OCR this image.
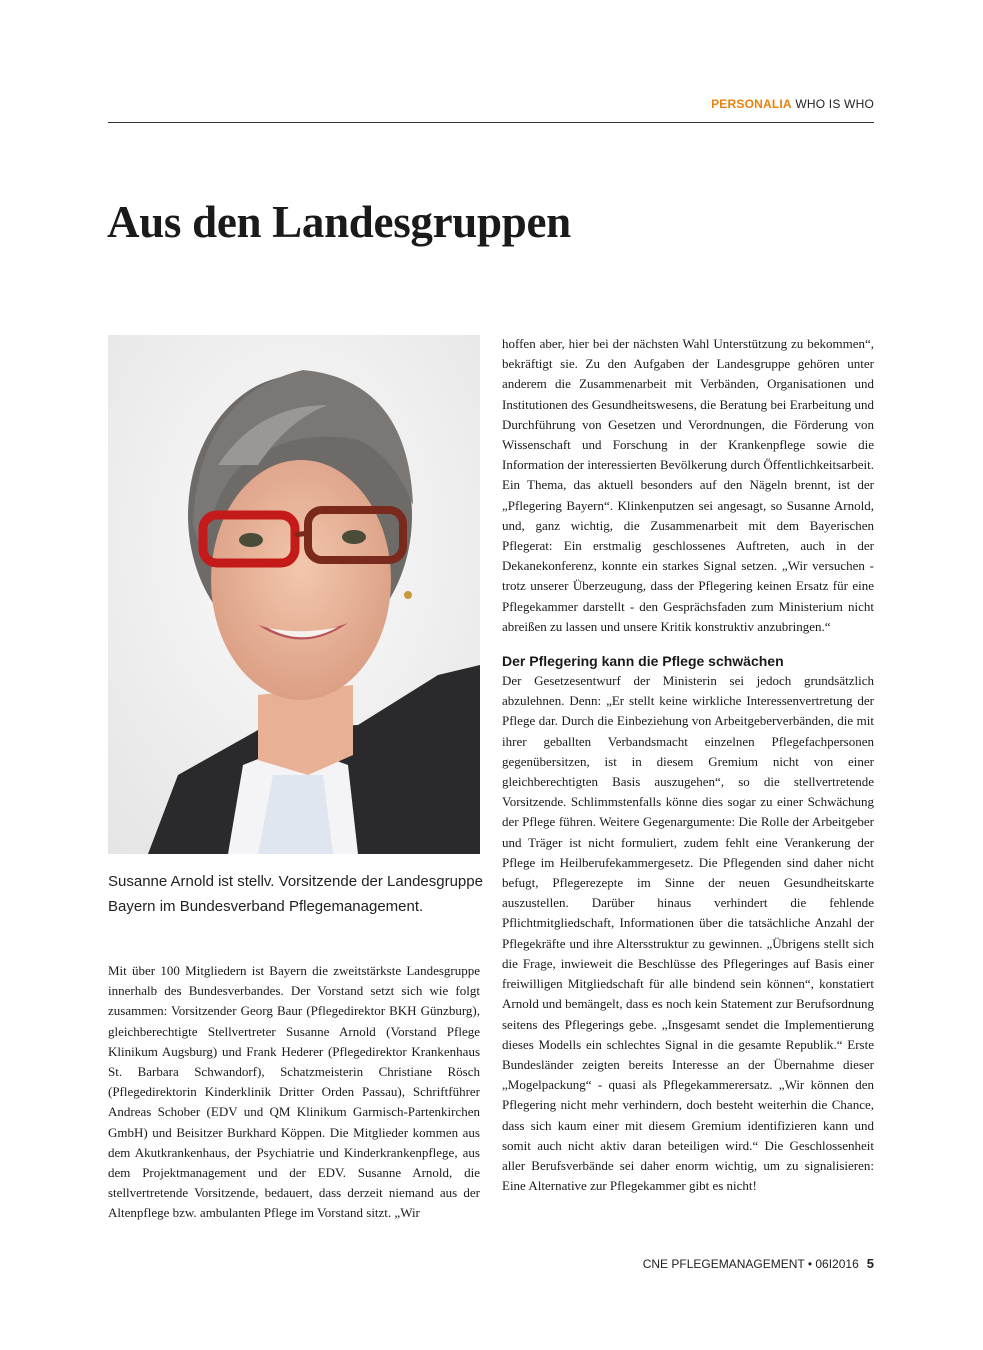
PERSONALIA WHO IS WHO
Aus den Landesgruppen
Susanne Arnold ist stellv. Vorsitzende der Landesgruppe Bayern im Bundesverband Pflegemanagement.

Mit über 100 Mitgliedern ist Bayern die zweitstärkste Landesgruppe innerhalb des Bundesverbandes. Der Vorstand setzt sich wie folgt zusammen: Vorsitzender Georg Baur (Pflegedirektor BKH Günzburg), gleichberechtigte Stellvertreter Susanne Arnold (Vorstand Pflege Klinikum Augsburg) und Frank Hederer (Pflegedirektor Krankenhaus St. Barbara Schwandorf), Schatzmeisterin Christiane Rösch (Pflegedirektorin Kinderklinik Dritter Orden Passau), Schriftführer Andreas Schober (EDV und QM Klinikum Garmisch-Partenkirchen GmbH) und Beisitzer Burkhard Köppen. Die Mitglieder kommen aus dem Akutkrankenhaus, der Psychiatrie und Kinderkrankenpflege, aus dem Projektmanagement und der EDV. Susanne Arnold, die stellvertretende Vorsitzende, bedauert, dass derzeit niemand aus der Altenpflege bzw. ambulanten Pflege im Vorstand sitzt. „Wir

hoffen aber, hier bei der nächsten Wahl Unterstützung zu bekommen“, bekräftigt sie. Zu den Aufgaben der Landesgruppe gehören unter anderem die Zusammenarbeit mit Verbänden, Organisationen und Institutionen des Gesundheitswesens, die Beratung bei Erarbeitung und Durchführung von Gesetzen und Verordnungen, die Förderung von Wissenschaft und Forschung in der Krankenpflege sowie die Information der interessierten Bevölkerung durch Öffentlichkeitsarbeit. Ein Thema, das aktuell besonders auf den Nägeln brennt, ist der „Pflegering Bayern“. Klinkenputzen sei angesagt, so Susanne Arnold, und, ganz wichtig, die Zusammenarbeit mit dem Bayerischen Pflegerat: Ein erstmalig geschlossenes Auftreten, auch in der Dekanekonferenz, konnte ein starkes Signal setzen. „Wir versuchen - trotz unserer Überzeugung, dass der Pflegering keinen Ersatz für eine Pflegekammer darstellt - den Gesprächsfaden zum Ministerium nicht abreißen zu lassen und unsere Kritik konstruktiv anzubringen.“

Der Pflegering kann die Pflege schwächen

Der Gesetzesentwurf der Ministerin sei jedoch grundsätzlich abzulehnen. Denn: „Er stellt keine wirkliche Interessenvertretung der Pflege dar. Durch die Einbeziehung von Arbeitgeberverbänden, die mit ihrer geballten Verbandsmacht einzelnen Pflegefachpersonen gegenübersitzen, ist in diesem Gremium nicht von einer gleichberechtigten Basis auszugehen“, so die stellvertretende Vorsitzende. Schlimmstenfalls könne dies sogar zu einer Schwächung der Pflege führen. Weitere Gegenargumente: Die Rolle der Arbeitgeber und Träger ist nicht formuliert, zudem fehlt eine Verankerung der Pflege im Heilberufekammergesetz. Die Pflegenden sind daher nicht befugt, Pflegerezepte im Sinne der neuen Gesundheitskarte auszustellen. Darüber hinaus verhindert die fehlende Pflichtmitgliedschaft, Informationen über die tatsächliche Anzahl der Pflegekräfte und ihre Altersstruktur zu gewinnen. „Übrigens stellt sich die Frage, inwieweit die Beschlüsse des Pflegeringes auf Basis einer freiwilligen Mitgliedschaft für alle bindend sein können“, konstatiert Arnold und bemängelt, dass es noch kein Statement zur Berufsordnung seitens des Pflegerings gebe. „Insgesamt sendet die Implementierung dieses Modells ein schlechtes Signal in die gesamte Republik.“ Erste Bundesländer zeigten bereits Interesse an der Übernahme dieser „Mogelpackung“ - quasi als Pflegekammerersatz. „Wir können den Pflegering nicht mehr verhindern, doch besteht weiterhin die Chance, dass sich kaum einer mit diesem Gremium identifizieren kann und somit auch nicht aktiv daran beteiligen wird.“ Die Geschlossenheit aller Berufsverbände sei daher enorm wichtig, um zu signalisieren: Eine Alternative zur Pflegekammer gibt es nicht!

CNE PFLEGEMANAGEMENT • 06I2016 5
